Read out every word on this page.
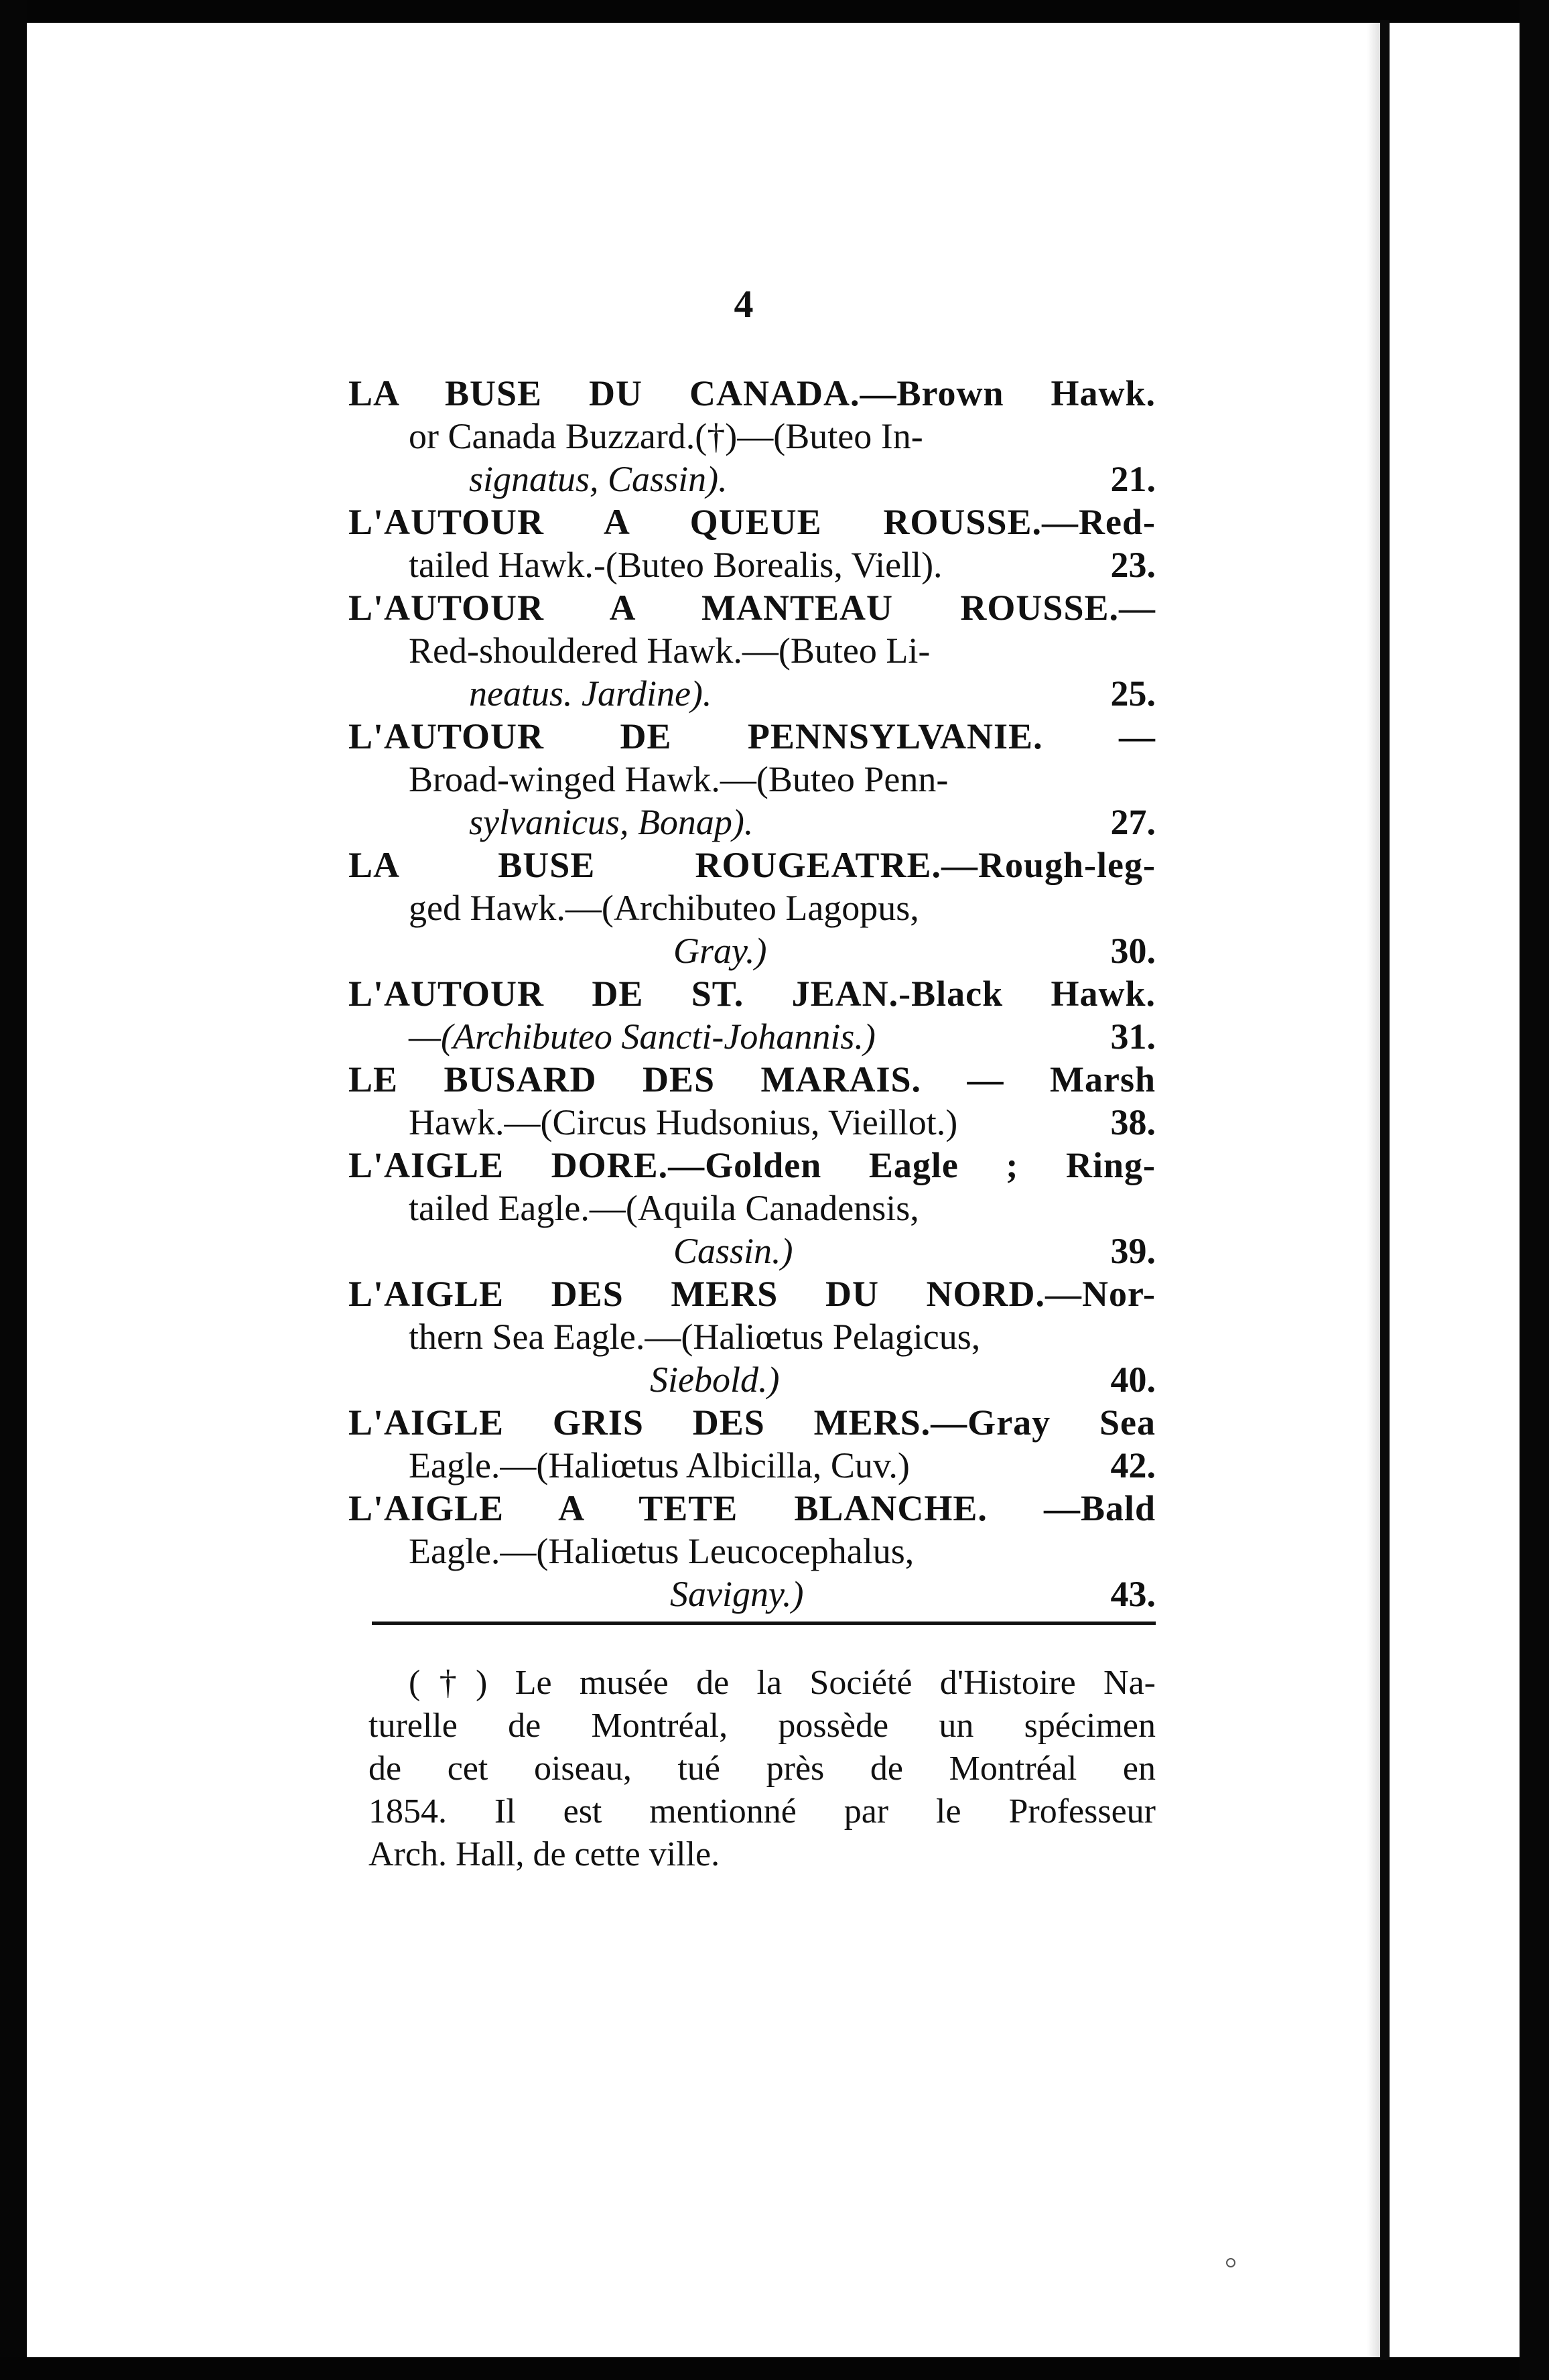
4
LA BUSE DU CANADA.—Brown Hawk.
or Canada Buzzard.(†)—(Buteo In-
signatus, Cassin).	21.
L'AUTOUR A QUEUE ROUSSE.—Red-
tailed Hawk.-(Buteo Borealis, Viell).	23.
L'AUTOUR A MANTEAU ROUSSE.—
Red-shouldered Hawk.—(Buteo Li-
neatus. Jardine).	25.
L'AUTOUR DE PENNSYLVANIE. —
Broad-winged Hawk.—(Buteo Penn-
sylvanicus, Bonap).	27.
LA BUSE ROUGEATRE.—Rough-leg-
ged Hawk.—(Archibuteo Lagopus,
Gray.)	30.
L'AUTOUR DE ST. JEAN.-Black Hawk.
—(Archibuteo Sancti-Johannis.)	31.
LE BUSARD DES MARAIS. — Marsh
Hawk.—(Circus Hudsonius, Vieillot.)	38.
L'AIGLE DORE.—Golden Eagle ; Ring-
tailed Eagle.—(Aquila Canadensis,
Cassin.)	39.
L'AIGLE DES MERS DU NORD.—Nor-
thern Sea Eagle.—(Haliœtus Pelagicus,
Siebold.)	40.
L'AIGLE GRIS DES MERS.—Gray Sea
Eagle.—(Haliœtus Albicilla, Cuv.)	42.
L'AIGLE A TETE BLANCHE. —Bald
Eagle.—(Haliœtus Leucocephalus,
Savigny.)	43.
(†) Le musée de la Société d'Histoire Na-
turelle de Montréal, possède un spécimen
de cet oiseau, tué près de Montréal en
1854. Il est mentionné par le Professeur
Arch. Hall, de cette ville.
